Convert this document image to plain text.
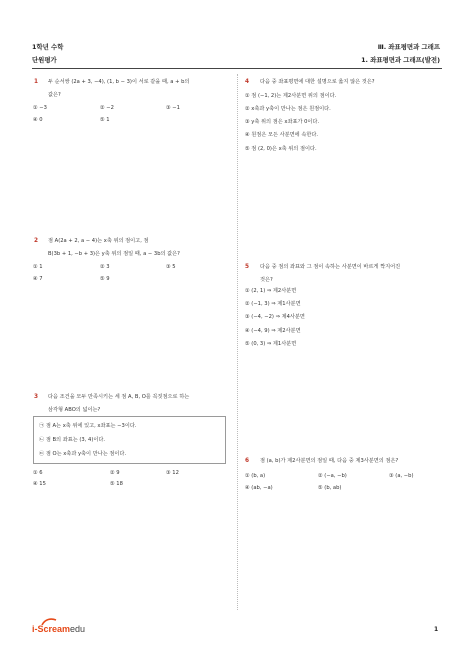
1학년 수학
단원평가
Ⅲ. 좌표평면과 그래프
1. 좌표평면과 그래프(발전)
1 두 순서쌍 (2a + 3, −4), (1, b − 3)이 서로 같을 때, a + b의
값은?
① −3	② −2	③ −1
④ 0	⑤ 1
2 점 A(2a + 2, a − 4)는 x축 위의 점이고, 점
B(3b + 1, −b + 3)은 y축 위의 점일 때, a − 3b의 값은?
① 1	② 3	③ 5
④ 7	⑤ 9
3 다음 조건을 모두 만족시키는 세 점 A, B, O를 꼭짓점으로 하는
삼각형 ABO의 넓이는?
㉠ 점 A는 x축 위에 있고, x좌표는 −3이다.
㉡ 점 B의 좌표는 (3, 4)이다.
㉢ 점 O는 x축과 y축이 만나는 점이다.
① 6	② 9	③ 12
④ 15	⑤ 18
4 다음 중 좌표평면에 대한 설명으로 옳지 않은 것은?
① 점 (−1, 2)는 제2사분면 위의 점이다.
② x축과 y축이 만나는 점은 원점이다.
③ y축 위의 점은 x좌표가 0이다.
④ 원점은 모든 사분면에 속한다.
⑤ 점 (2, 0)은 x축 위의 점이다.
5 다음 중 점의 좌표와 그 점이 속하는 사분면이 바르게 짝지어진
것은?
① (2, 1) ⇒ 제2사분면
② (−1, 3) ⇒ 제1사분면
③ (−4, −2) ⇒ 제4사분면
④ (−4, 9) ⇒ 제2사분면
⑤ (0, 3) ⇒ 제1사분면
6 점 (a, b)가 제2사분면의 점일 때, 다음 중 제3사분면의 점은?
① (b, a)	② (−a, −b)	③ (a, −b)
④ (ab, −a)	⑤ (b, ab)
i-Screamedu	1
